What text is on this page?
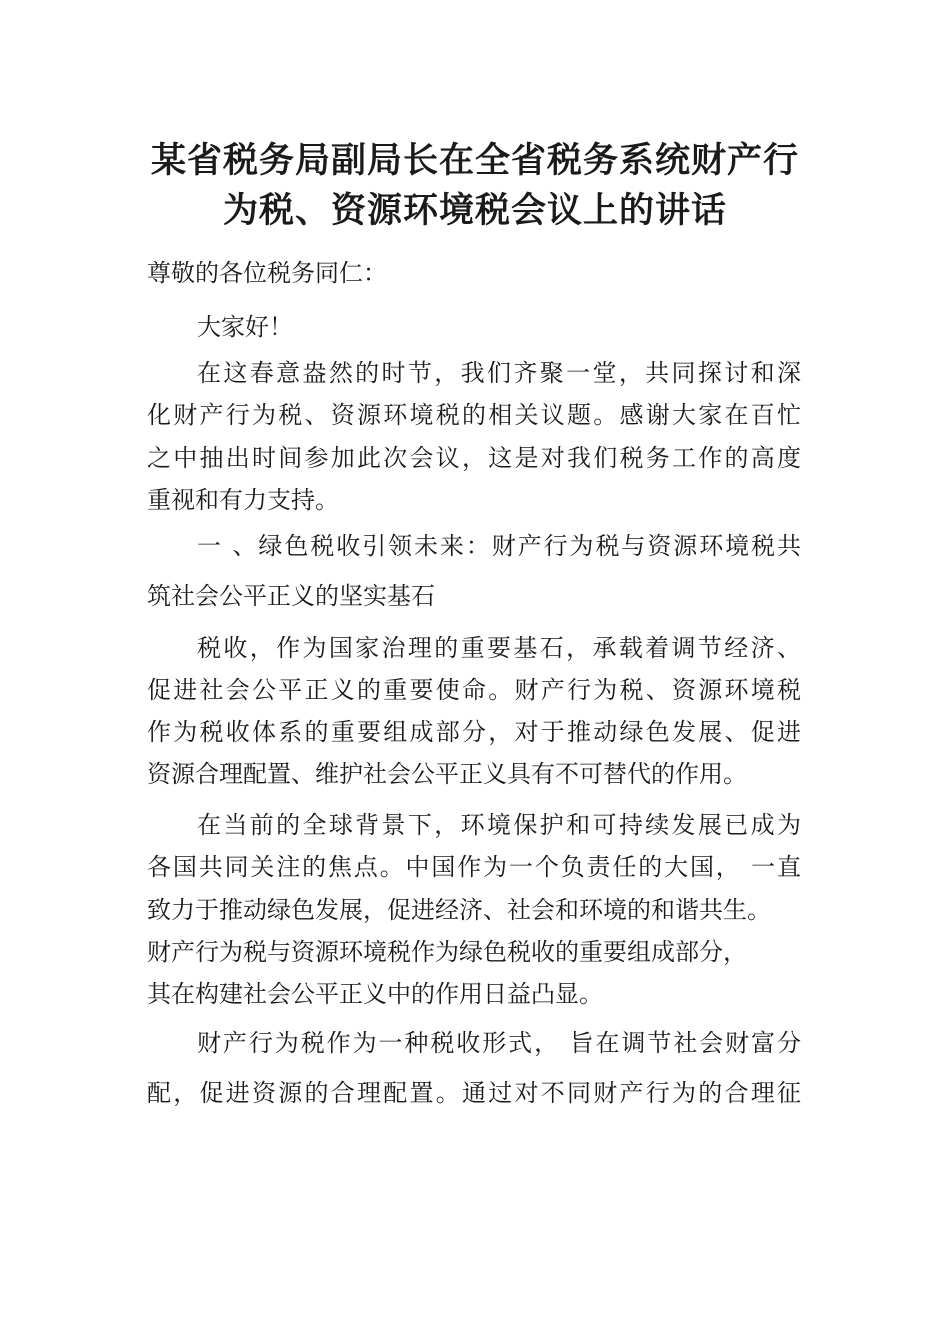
某省税务局副局长在全省税务系统财产行
为税、资源环境税会议上的讲话

尊敬的各位税务同仁：

大家好！

在这春意盎然的时节，我们齐聚一堂，共同探讨和深

化财产行为税、资源环境税的相关议题。感谢大家在百忙

之中抽出时间参加此次会议，这是对我们税务工作的高度

重视和有力支持。

一 、绿色税收引领未来：财产行为税与资源环境税共

筑社会公平正义的坚实基石

税收，作为国家治理的重要基石，承载着调节经济、

促进社会公平正义的重要使命。财产行为税、资源环境税

作为税收体系的重要组成部分，对于推动绿色发展、促进

资源合理配置、维护社会公平正义具有不可替代的作用。

在当前的全球背景下，环境保护和可持续发展已成为

各国共同关注的焦点。中国作为一个负责任的大国， 一直

致力于推动绿色发展，促进经济、社会和环境的和谐共生。

财产行为税与资源环境税作为绿色税收的重要组成部分，

其在构建社会公平正义中的作用日益凸显。

财产行为税作为一种税收形式， 旨在调节社会财富分

配，促进资源的合理配置。通过对不同财产行为的合理征
